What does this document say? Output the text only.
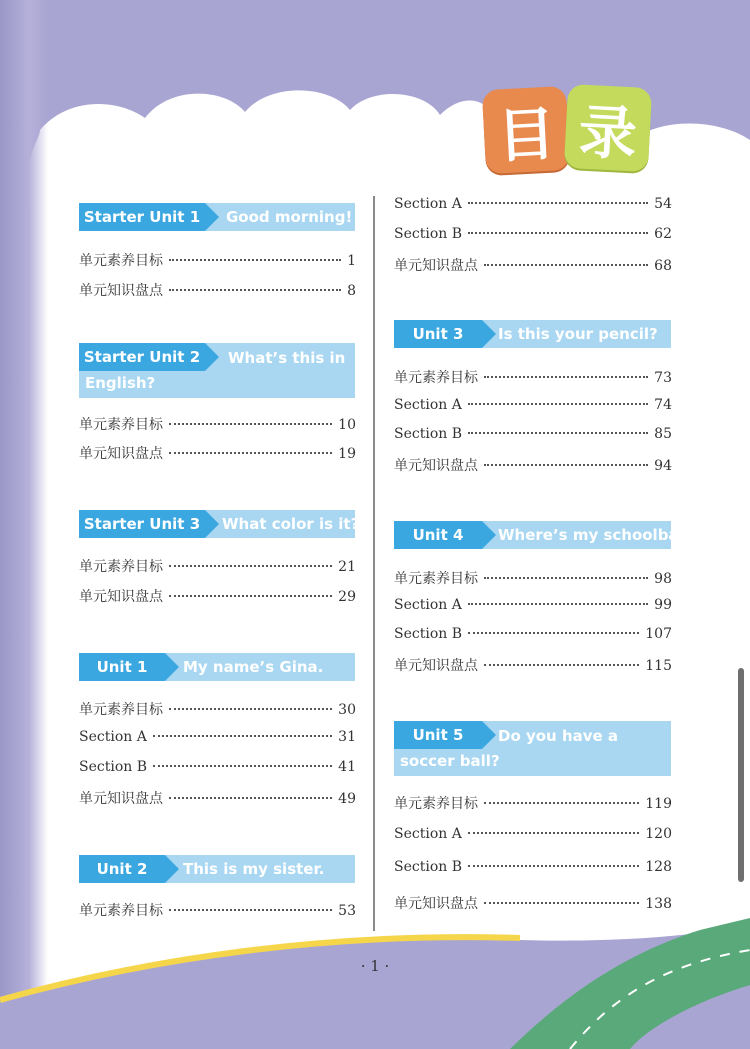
目 录
Starter Unit 1	Good morning!
单元素养目标	1
单元知识盘点	8
Starter Unit 2	What’s this in
English?
单元素养目标	10
单元知识盘点	19
Starter Unit 3	What color is it?
单元素养目标	21
单元知识盘点	29
Unit 1	My name’s Gina.
单元素养目标	30
Section A	31
Section B	41
单元知识盘点	49
Unit 2	This is my sister.
单元素养目标	53
Section A	54
Section B	62
单元知识盘点	68
Unit 3	Is this your pencil?
单元素养目标	73
Section A	74
Section B	85
单元知识盘点	94
Unit 4	Where’s my schoolbag?
单元素养目标	98
Section A	99
Section B	107
单元知识盘点	115
Unit 5	Do you have a
soccer ball?
单元素养目标	119
Section A	120
Section B	128
单元知识盘点	138
· 1 ·
